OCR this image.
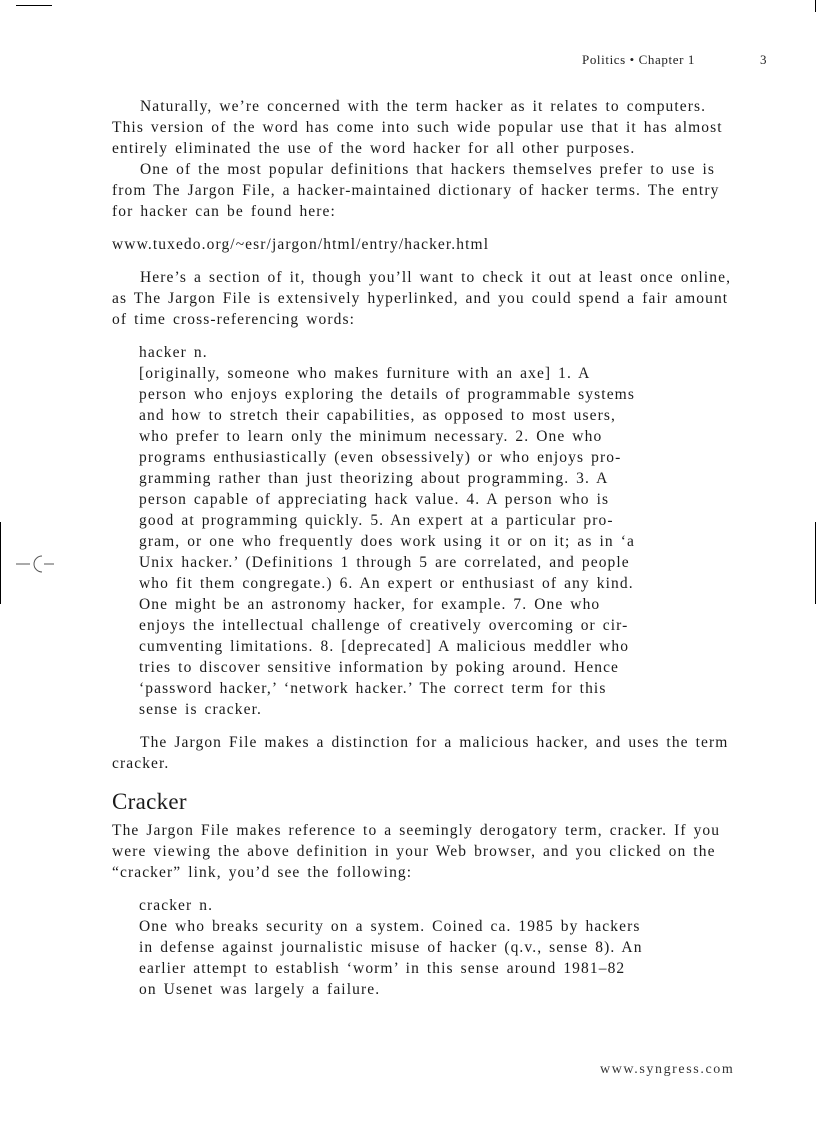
Politics • Chapter 1	3

Naturally, we’re concerned with the term hacker as it relates to computers. This version of the word has come into such wide popular use that it has almost entirely eliminated the use of the word hacker for all other purposes.

One of the most popular definitions that hackers themselves prefer to use is from The Jargon File, a hacker-maintained dictionary of hacker terms. The entry for hacker can be found here:

www.tuxedo.org/~esr/jargon/html/entry/hacker.html

Here’s a section of it, though you’ll want to check it out at least once online, as The Jargon File is extensively hyperlinked, and you could spend a fair amount of time cross-referencing words:

hacker n.
[originally, someone who makes furniture with an axe] 1. A
person who enjoys exploring the details of programmable systems
and how to stretch their capabilities, as opposed to most users,
who prefer to learn only the minimum necessary. 2. One who
programs enthusiastically (even obsessively) or who enjoys pro-
gramming rather than just theorizing about programming. 3. A
person capable of appreciating hack value. 4. A person who is
good at programming quickly. 5. An expert at a particular pro-
gram, or one who frequently does work using it or on it; as in ‘a
Unix hacker.’ (Definitions 1 through 5 are correlated, and people
who fit them congregate.) 6. An expert or enthusiast of any kind.
One might be an astronomy hacker, for example. 7. One who
enjoys the intellectual challenge of creatively overcoming or cir-
cumventing limitations. 8. [deprecated] A malicious meddler who
tries to discover sensitive information by poking around. Hence
‘password hacker,’ ‘network hacker.’ The correct term for this
sense is cracker.

The Jargon File makes a distinction for a malicious hacker, and uses the term cracker.

Cracker

The Jargon File makes reference to a seemingly derogatory term, cracker. If you were viewing the above definition in your Web browser, and you clicked on the “cracker” link, you’d see the following:

cracker n.
One who breaks security on a system. Coined ca. 1985 by hackers
in defense against journalistic misuse of hacker (q.v., sense 8). An
earlier attempt to establish ‘worm’ in this sense around 1981–82
on Usenet was largely a failure.
www.syngress.com
